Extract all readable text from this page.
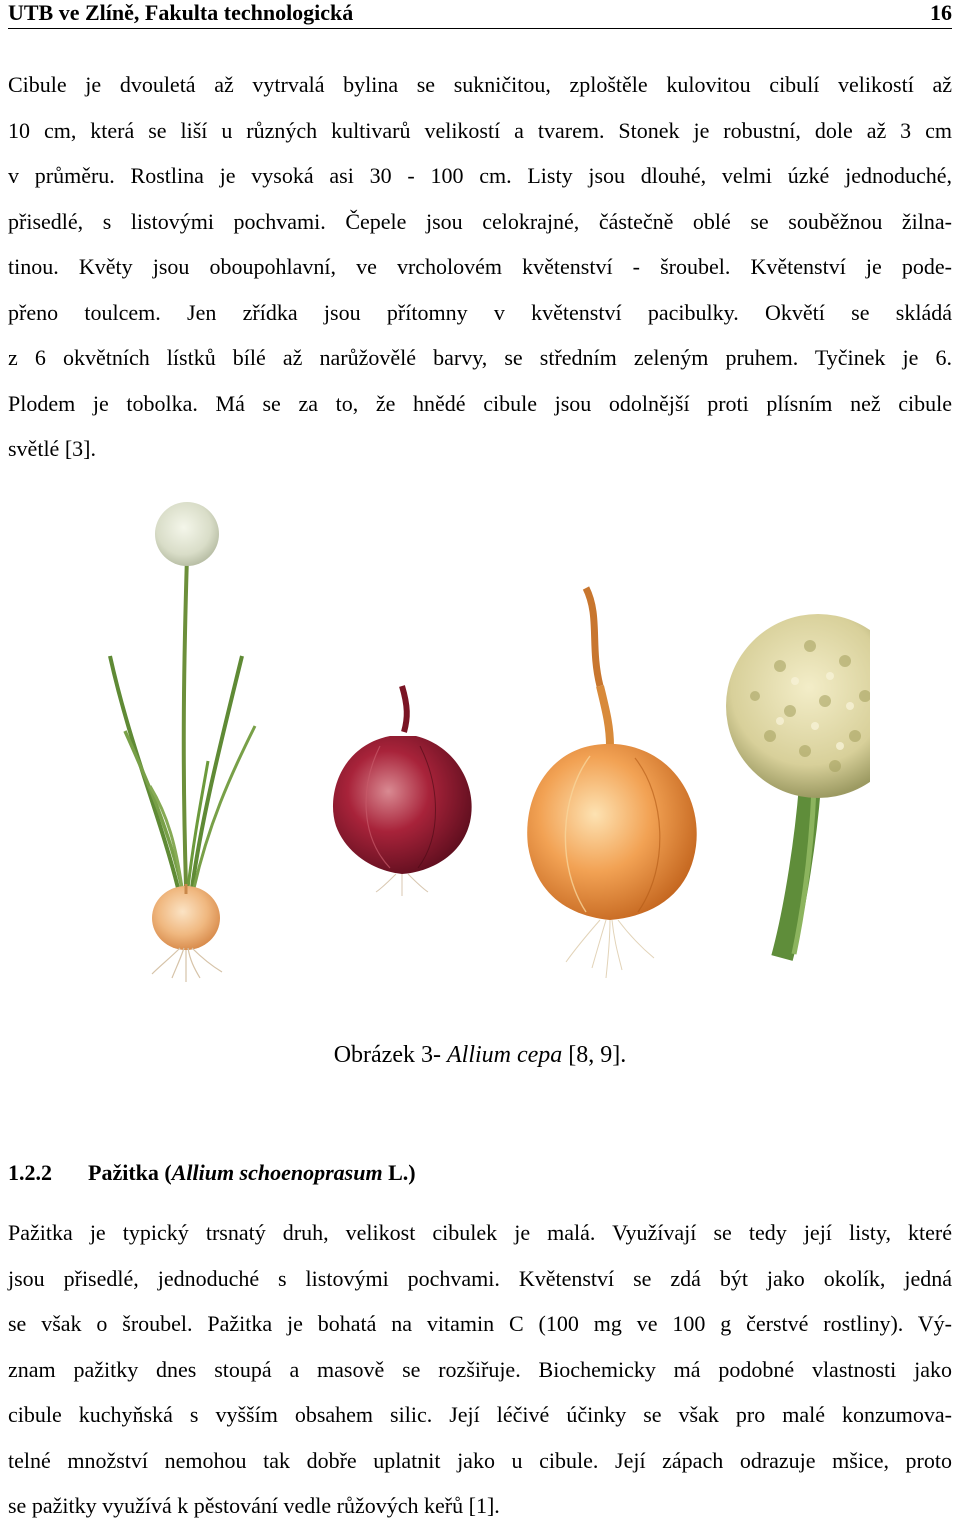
UTB ve Zlíně, Fakulta technologická	16
Cibule je dvouletá až vytrvalá bylina se sukničitou, zploštěle kulovitou cibulí velikostí až
10 cm, která se liší u různých kultivarů velikostí a tvarem. Stonek je robustní, dole až 3 cm
v průměru. Rostlina je vysoká asi 30 - 100 cm. Listy jsou dlouhé, velmi úzké jednoduché,
přisedlé, s listovými pochvami. Čepele jsou celokrajné, částečně oblé se souběžnou žilna-
tinou. Květy jsou oboupohlavní, ve vrcholovém květenství - šroubel. Květenství je pode-
přeno toulcem. Jen zřídka jsou přítomny v květenství pacibulky. Okvětí se skládá
z 6 okvětních lístků bílé až narůžovělé barvy, se středním zeleným pruhem. Tyčinek je 6.
Plodem je tobolka. Má se za to, že hnědé cibule jsou odolnější proti plísním než cibule
světlé [3].
Obrázek 3- Allium cepa [8, 9].
1.2.2 Pažitka (Allium schoenoprasum L.)
Pažitka je typický trsnatý druh, velikost cibulek je malá. Využívají se tedy její listy, které
jsou přisedlé, jednoduché s listovými pochvami. Květenství se zdá být jako okolík, jedná
se však o šroubel. Pažitka je bohatá na vitamin C (100 mg ve 100 g čerstvé rostliny). Vý-
znam pažitky dnes stoupá a masově se rozšiřuje. Biochemicky má podobné vlastnosti jako
cibule kuchyňská s vyšším obsahem silic. Její léčivé účinky se však pro malé konzumova-
telné množství nemohou tak dobře uplatnit jako u cibule. Její zápach odrazuje mšice, proto
se pažitky využívá k pěstování vedle růžových keřů [1].
